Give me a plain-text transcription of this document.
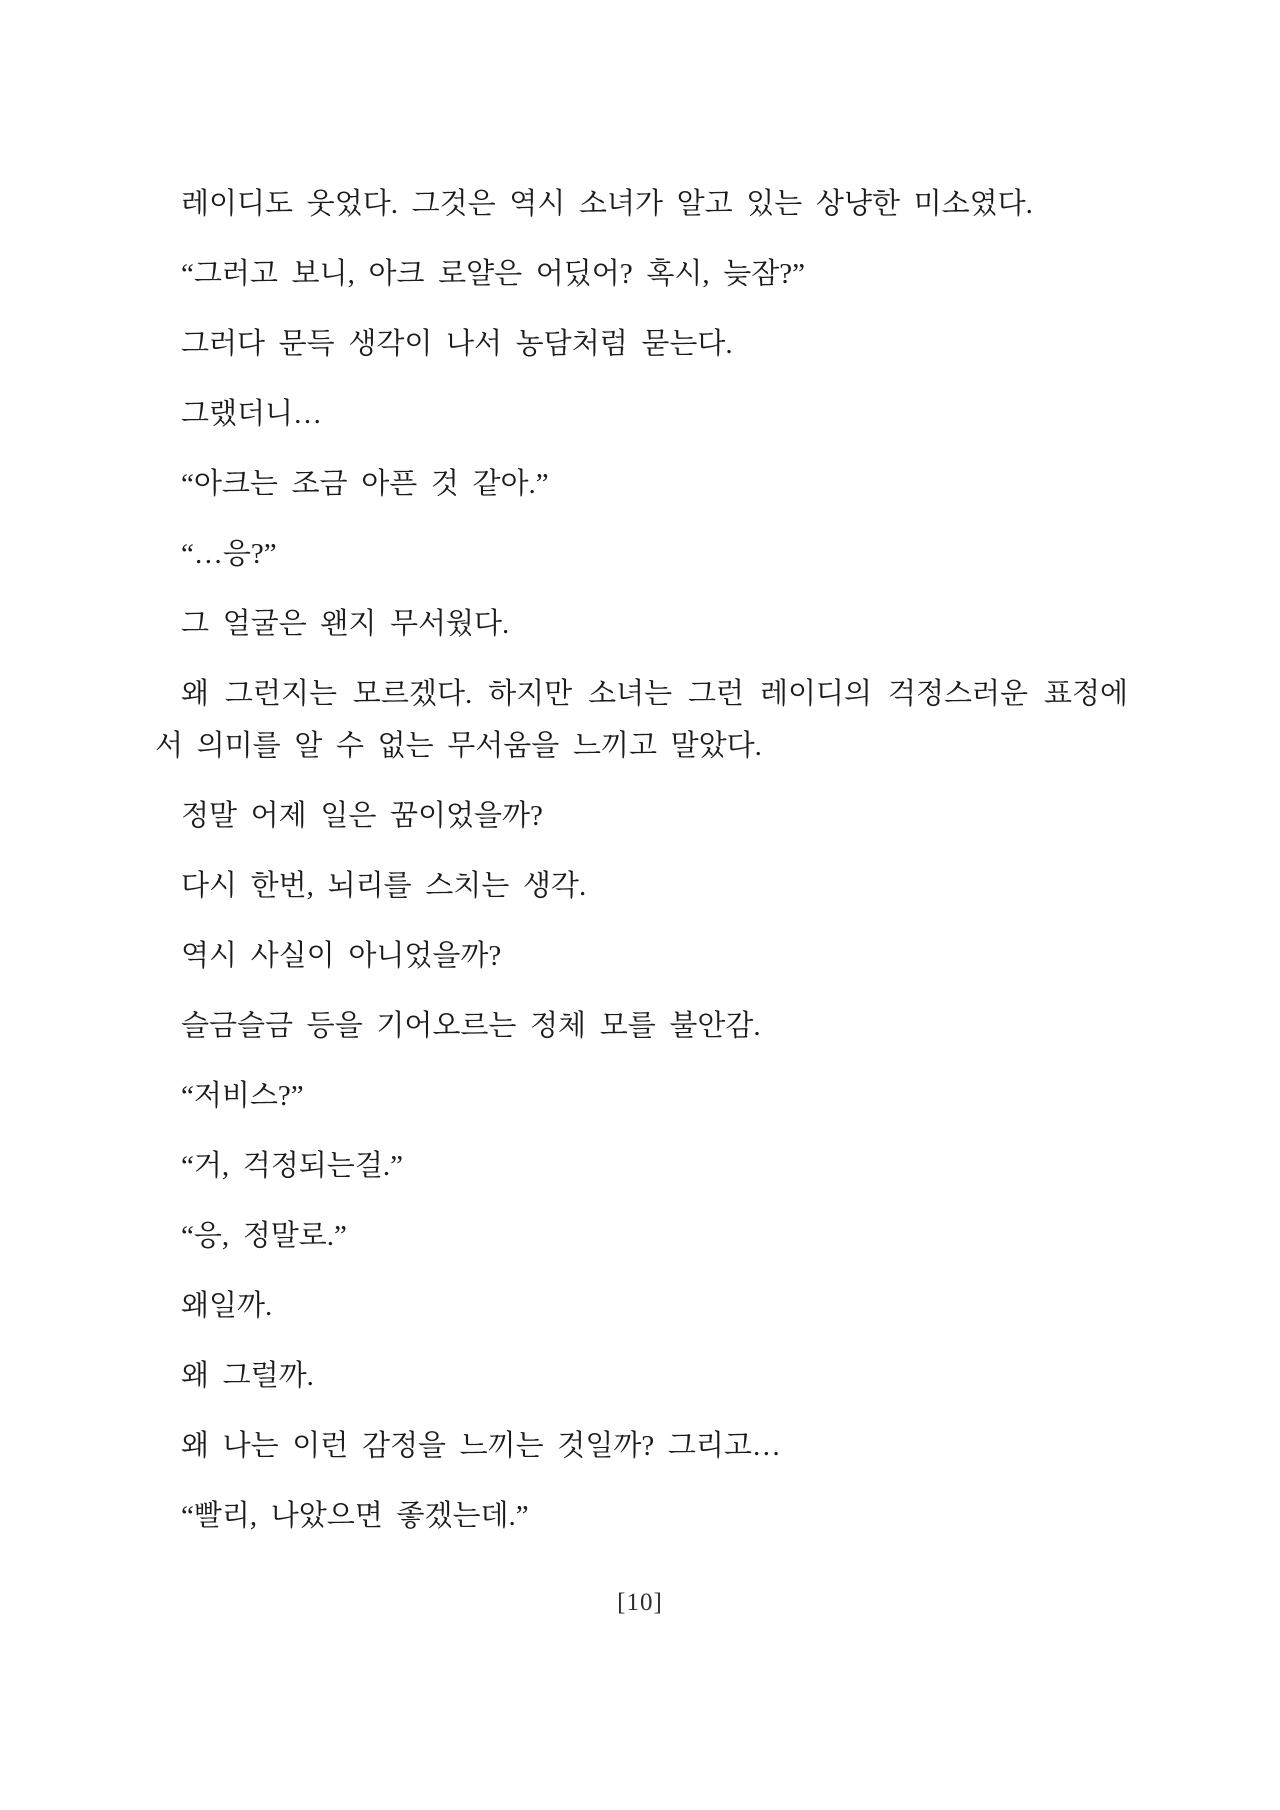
레이디도 웃었다. 그것은 역시 소녀가 알고 있는 상냥한 미소였다.

“그러고 보니, 아크 로얄은 어딨어? 혹시, 늦잠?”

그러다 문득 생각이 나서 농담처럼 묻는다.

그랬더니…

“아크는 조금 아픈 것 같아.”

“…응?”

그 얼굴은 왠지 무서웠다.

왜 그런지는 모르겠다. 하지만 소녀는 그런 레이디의 걱정스러운 표정에서 의미를 알 수 없는 무서움을 느끼고 말았다.

정말 어제 일은 꿈이었을까?

다시 한번, 뇌리를 스치는 생각.

역시 사실이 아니었을까?

슬금슬금 등을 기어오르는 정체 모를 불안감.

“저비스?”

“거, 걱정되는걸.”

“응, 정말로.”

왜일까.

왜 그럴까.

왜 나는 이런 감정을 느끼는 것일까? 그리고…

“빨리, 나았으면 좋겠는데.”

[10]
